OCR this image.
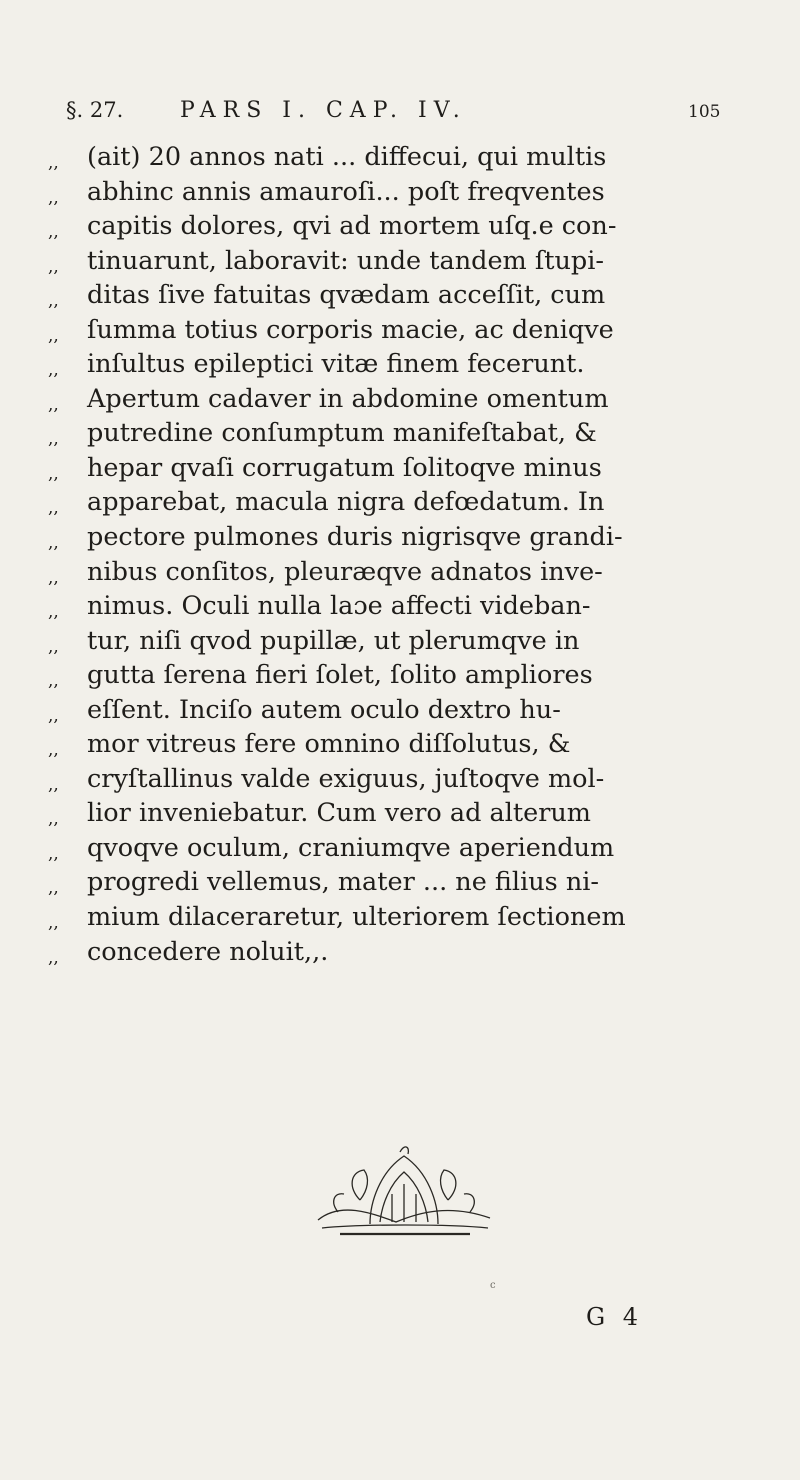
§. 27.	PARS I. CAP. IV.	105
,,	(ait) 20 annos nati ... diffecui, qui multis
,,	abhinc annis amauroſi... poſt freqventes
,,	capitis dolores, qvi ad mortem uſq.e con-
,,	tinuarunt, laboravit: unde tandem ſtupi-
,,	ditas ſive fatuitas qvædam acceſſit, cum
,,	ſumma totius corporis macie, ac deniqve
,,	inſultus epileptici vitæ finem fecerunt.
,,	Apertum cadaver in abdomine omentum
,,	putredine conſumptum manifeſtabat, &
,,	hepar qvaſi corrugatum ſolitoqve minus
,,	apparebat, macula nigra defœdatum. In
,,	pectore pulmones duris nigrisqve grandi-
,,	nibus conſitos, pleuræqve adnatos inve-
,,	nimus. Oculi nulla laɔe affecti videban-
,,	tur, niſi qvod pupillæ, ut plerumqve in
,,	gutta ſerena fieri ſolet, ſolito ampliores
,,	eſſent. Inciſo autem oculo dextro hu-
,,	mor vitreus fere omnino diſſolutus, &
,,	cryſtallinus valde exiguus, juſtoqve mol-
,,	lior inveniebatur. Cum vero ad alterum
,,	qvoqve oculum, craniumqve aperiendum
,,	progredi vellemus, mater ... ne filius ni-
,,	mium dilaceraretur, ulteriorem ſectionem
,,	concedere noluit,,.
c
G 4
